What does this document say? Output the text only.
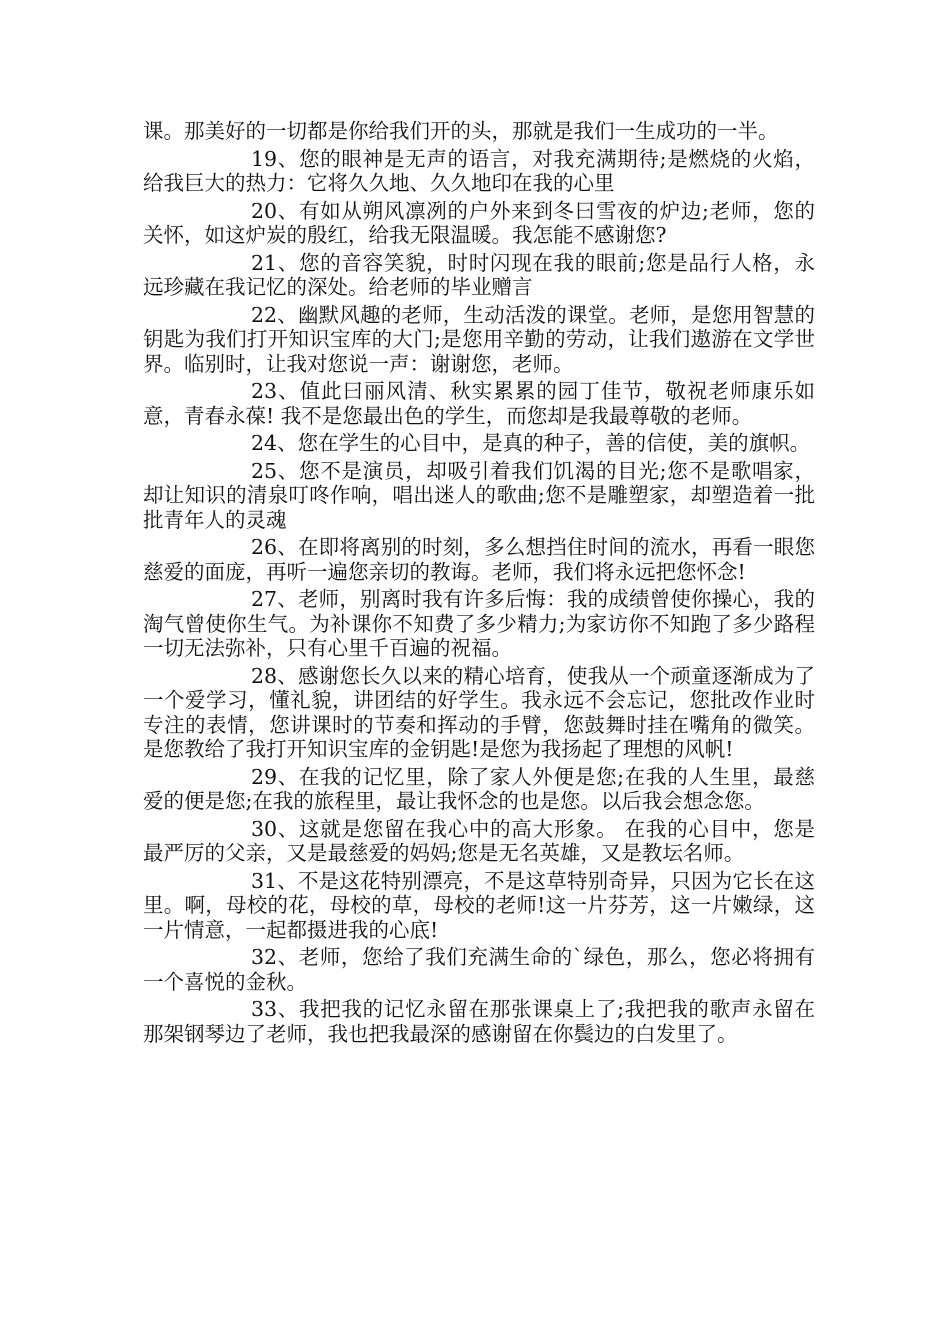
课。那美好的一切都是你给我们开的头，那就是我们一生成功的一半。

19、您的眼神是无声的语言，对我充满期待;是燃烧的火焰，给我巨大的热力：它将久久地、久久地印在我的心里

20、有如从朔风凛冽的户外来到冬曰雪夜的炉边;老师，您的关怀，如这炉炭的殷红，给我无限温暖。我怎能不感谢您?

21、您的音容笑貌，时时闪现在我的眼前;您是品行人格，永远珍藏在我记忆的深处。给老师的毕业赠言

22、幽默风趣的老师，生动活泼的课堂。老师，是您用智慧的钥匙为我们打开知识宝库的大门;是您用辛勤的劳动，让我们遨游在文学世界。临别时，让我对您说一声：谢谢您，老师。

23、值此曰丽风清、秋实累累的园丁佳节，敬祝老师康乐如意，青春永葆! 我不是您最出色的学生，而您却是我最尊敬的老师。

24、您在学生的心目中，是真的种子，善的信使，美的旗帜。

25、您不是演员，却吸引着我们饥渴的目光;您不是歌唱家，却让知识的清泉叮咚作响，唱出迷人的歌曲;您不是雕塑家，却塑造着一批批青年人的灵魂

26、在即将离别的时刻，多么想挡住时间的流水，再看一眼您慈爱的面庞，再听一遍您亲切的教诲。老师，我们将永远把您怀念!

27、老师，别离时我有许多后悔：我的成绩曾使你操心，我的淘气曾使你生气。为补课你不知费了多少精力;为家访你不知跑了多少路程一切无法弥补，只有心里千百遍的祝福。

28、感谢您长久以来的精心培育，使我从一个顽童逐渐成为了一个爱学习，懂礼貌，讲团结的好学生。我永远不会忘记，您批改作业时专注的表情，您讲课时的节奏和挥动的手臂，您鼓舞时挂在嘴角的微笑。是您教给了我打开知识宝库的金钥匙!是您为我扬起了理想的风帆!

29、在我的记忆里，除了家人外便是您;在我的人生里，最慈爱的便是您;在我的旅程里，最让我怀念的也是您。以后我会想念您。

30、这就是您留在我心中的高大形象。 在我的心目中，您是最严厉的父亲，又是最慈爱的妈妈;您是无名英雄，又是教坛名师。

31、不是这花特别漂亮，不是这草特别奇异，只因为它长在这里。啊，母校的花，母校的草，母校的老师!这一片芬芳，这一片嫩绿，这一片情意，一起都摄进我的心底!

32、老师，您给了我们充满生命的`绿色，那么，您必将拥有一个喜悦的金秋。

33、我把我的记忆永留在那张课桌上了;我把我的歌声永留在那架钢琴边了老师，我也把我最深的感谢留在你鬓边的白发里了。
